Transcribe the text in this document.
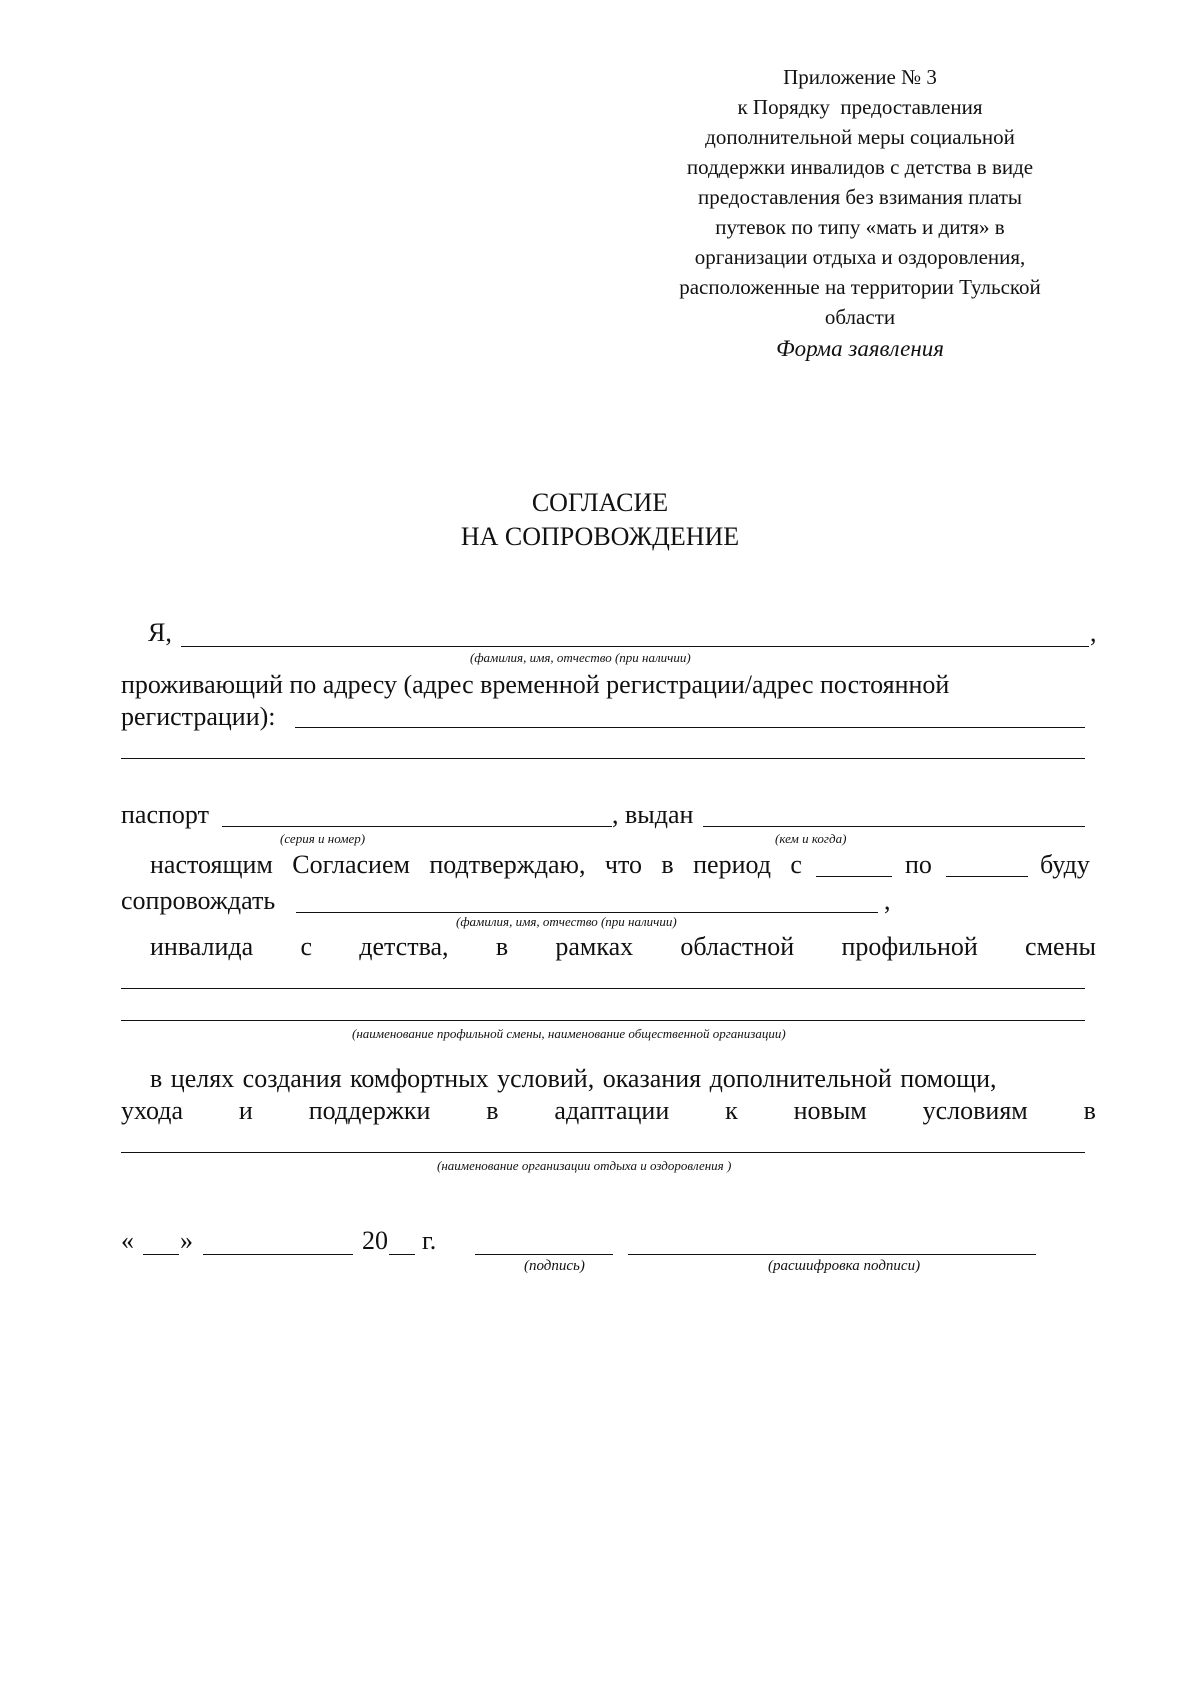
Приложение № 3
к Порядку  предоставления
дополнительной меры социальной
поддержки инвалидов с детства в виде
предоставления без взимания платы
путевок по типу «мать и дитя» в
организации отдыха и оздоровления,
расположенные на территории Тульской
области
Форма заявления
СОГЛАСИЕ
НА СОПРОВОЖДЕНИЕ
Я,	,
(фамилия, имя, отчество (при наличии)
проживающий по адресу (адрес временной регистрации/адрес постоянной
регистрации):
паспорт	, выдан
(серия и номер)	(кем и когда)
настоящим Согласием подтверждаю, что в период с	по	буду
сопровождать	,
(фамилия, имя, отчество (при наличии)
инвалида с детства, в рамках областной профильной смены
(наименование профильной смены, наименование общественной организации)
в целях создания комфортных условий, оказания дополнительной помощи,
ухода и поддержки в адаптации к новым условиям в
(наименование организации отдыха и оздоровления )
« »	20 г.
(подпись)	(расшифровка подписи)
